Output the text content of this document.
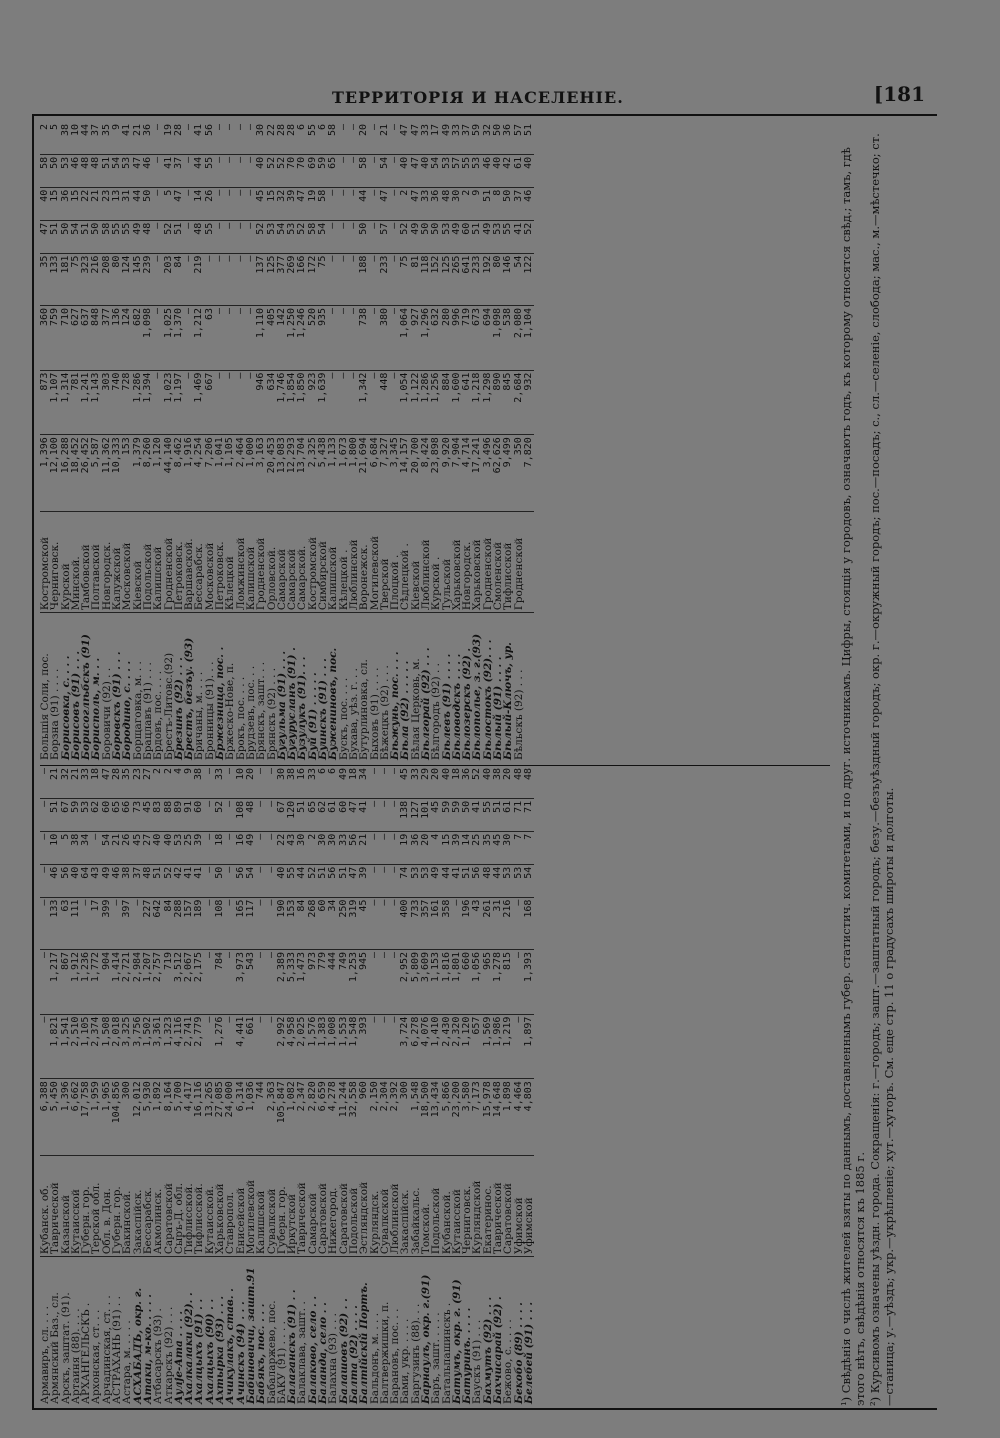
ТЕРРИТОРІЯ И НАСЕЛЕНІЕ.	[181
Армавиръ, сл. . . .	Кубанск. об.	6,388	—	—	—	—	—	—	—
Армянский Баз., сл.	Таврической	5,450	1,821	1,217	133	46	10	51	21
Арскъ, заштат. (91).	Казанской	1,396	1,541	867	63	56	5	67	32
Артаиня (88). . . .	Кутаисской	6,662	2,510	1,912	111	40	38	59	21
АРХАНГЕЛЬСКЪ .	Губерн. гор.	17,758	1,105	1,236	—	64	34	53	33
Архонская, ст. . .	Терской обл.	1,959	2,374	1,772	17	43	—	62	18
Арчадинская, ст. . .	Обл. в. Дон.	1,965	1,508	904	399	49	54	60	47
АСТРАХАНЬ (91) . .	Губерн. гор.	104,856	2,018	1,414	—	46	21	65	28
Астара, м. . . . .	Бакинской.	300	3,325	2,721	397	38	26	66	35
АСХАБАДЪ, окр. г.	Закаспійск.	12,012	3,756	2,984	—	37	45	73	23
Атаки, м-ко. . . . .	Бессарабск.	5,930	1,502	1,207	227	48	27	45	27
Атбасарскъ (93) .	Акмолинск.	1,892	3,361	2,757	642	51	40	83	2
Аткарскъ (92) . . .	Саратовской	8,164	1,323	719	84	52	40	88	2
Аулје-Ата . . . .	Сыръ-Д. обл.	5,700	4,116	3,512	288	42	53	89	4
Ахалкалаки (92). .	Тифлисской.	4,417	2,741	2,067	157	41	25	91	9
Ахалцыхъ (91) . .	Тифлисской.	16,116	2,779	2,175	189	41	39	60	38
Ахалцыхъ (90) . .	Кутаисской.	13,265	—	—	—	—	—	—	—
Ахтырка (93) . . .	Харьковской	27,085	1,276	784	108	50	18	52	33
Ачикулакъ, став. .	Ставропол.	24,000	—	—	—	—	—	—	—
Ачинскъ (94) . . .	Енисейской	6,314	4,441	3,973	165	56	16	108	10
Бабиновичи, зашт.91	Могилевской	1,036	661	543	117	54	49	48	20
Бабякъ, пос. . . .	Калишской	744	—	—	—	—	—	—	—
Бабаларжево, пос.	Сувалкской	2,363	—	—	—	—	—	—	—
БАКУ (91) . . . .	Губерн. гор.	105,847	2,992	2,389	190	40	22	67	30
Балаганскъ (91) . .	Иркутской	1,082	4,958	5,333	153	55	43	120	38
Балаклава, зашт. .	Таврической	2,347	2,025	1,473	84	44	30	51	16
Балаково, село . .	Самарской	2,820	1,576	973	268	52	2	65	33
Баланда, село . .	Саратовской	6,659	1,383	779	60	51	30	62	6
Балахна (93) . . .	Нижегород.	4,278	1,008	444	34	56	30	61	6
Балашовъ (92) . .	Саратовской	11,244	1,553	749	250	51	33	60	49
Балта (92) . . . .	Подольской	32,558	1,548	1,253	319	47	56	47	18
Балтійскій Портъ.	Эстляндской	960	393	945	45	39	21	41	34
Бальдонъ, м. . . .	Курляндск.	2,150	—	—	—	—	—	—	—
Балтвержишки, п.	Сувалкской	2,304	—	—	—	—	—	—	—
Барановъ, пос. . .	Люблинской	2,392	—	—	—	—	—	—	—
Бами, укр. . . . .	Закаспійск.	300	3,724	2,952	400	74	19	138	45
Баргузинъ (88). . .	Забайкальс.	1,548	6,278	5,809	733	53	36	127	33
Барнаулъ, окр. г.(91)	Томской.	18,500	4,076	3,609	357	53	20	101	29
Баръ, зашт. . . . .	Подольской	13,434	1,410	1,153	161	49	4	45	20
Батальпашинскъ .	Кубанской.	5,866	2,430	1,816	358	44	15	59	40
Батумъ, окр. г. (91)	Кутаисской	23,200	2,320	1,801	—	41	39	59	18
Батуринъ. . . . .	Черниговск.	3,580	1,120	660	196	51	14	50	36
Баускъ (91) . . .	Курляндской	7,173	657	1,056	43	56	25	41	52
Бахмутъ (92) . . .	Екатеринос.	15,978	1,569	965	261	48	35	55	40
Бахчисарай (92) .	Таврической	14,648	1,986	1,278	31	44	45	51	38
Бежово, с. . . . .	Саратовской	1,898	1,219	815	216	53	30	61	20
Бекобо (89) . . . .	Уфимской	4,464	—	—	—	53	7	71	48
Белебей (91) . . .	Уфимской	4,803	1,897	1,393	168	54	7	71	48
Большія Соли, пос.	Костромской	1,396	873	360	35	47	40	58	2
Борзна (91) . . . .	Черниговск.	12,100	1,107	759	133	51	15	50	5
Борисовка, с. . . .	Курской	16,288	1,314	710	181	50	36	53	38
Борисовъ (91) . . .	Минской.	18,452	781	627	75	54	15	46	10
Борисоглѣбскъ (91)	Тамбовской	26,452	1,241	637	323	51	22	48	44
Борисполь, м. . .	Полтавской	5,587	1,143	848	216	50	21	48	37
Боровичи (92) . .	Новгородск.	11,362	303	377	208	58	23	51	35
Боровскъ (91) . . .	Калужской	10,333	740	136	80	55	13	54	9
Бородино, с. . . .	Московской	153	728	124	124	55	31	53	41
Борщаговка, м. . .	Кіевской	1,379	1,286	682	145	49	44	47	21
Брацлавъ (91) . . .	Подольской	8,260	1,394	1,098	239	48	50	46	36
Брдовъ, пос. . . .	Калишской	1,120	—	—	—	—	—	—	—
Брестъ-Литовс.(92)	Гродненской	44,140	1,023	1,025	203	52	5	41	19
Брезинъ (92) . . .	Петроковск.	8,462	1,197	1,370	84	51	47	37	28
Брестъ, безъу. (93)	Варшавской.	1,916	—	—	—	—	—	—	—
Бричаны, м. . . .	Бессарабск.	4,254	1,469	1,212	219	48	14	44	41
Бронницы (91). . .	Московской	7,206	667	63	—	55	26	55	56
Бржезница, пос. .	Петроковск.	1,041	—	—	—	—	—	—	—
Бржеско-Нове, п.	Кѣлецкой	1,105	—	—	—	—	—	—	—
Брокъ, пос. . . .	Ломжинской	2,464	—	—	—	—	—	—	—
Брудзевъ, пос. . .	Калишской	1,000	—	—	—	—	—	—	—
Брянскъ, зашт. . .	Гродненской	3,163	946	1,110	137	52	45	40	30
Брянскъ (92) . . .	Орловской.	20,453	634	405	125	53	15	52	22
Бугульма (91) . . .	Самарской	13,083	1,746	142	377	54	32	52	28
Бугурусланъ (91) .	Самарской	12,293	1,854	1,250	269	53	39	70	28
Бузулукъ (91). . .	Самарской.	13,704	1,850	1,246	166	52	47	70	6
Буй (91) . . . . .	Костромской	2,325	923	520	172	58	19	69	55
Буинскъ (91) . . .	Симбирской	5,438	1,639	935	75	54	58	59	6
Бужениновъ, пос.	Калишской	1,133	—	—	—	—	—	65	58
Бускъ, пос. . . .	Кѣлецкой .	1,673	—	—	—	—	—	—	—
Бухава, уѣз. г. . .	Люблинской	1,800	—	—	—	—	—	—	—
Бутурлиновка, сл.	Воронежск.	21,694	1,342	738	188	50	44	58	20
Быховъ (91) . . . .	Могилевской	6,684	—	—	—	—	—	—	—
Бѣжецкъ (92) . . .	Тверской	7,327	448	380	233	57	47	54	21
Бѣжунь, пос. . . .	Плоцкой .	3,345	—	—	—	—	—	—	—
Бѣла (92) . . . . .	Сѣдлецкой .	14,157	1,054	1,064	75	52	2	40	47
Бѣлая Церковь, м.	Кіевской	20,700	1,122	927	81	49	47	47	47
Бѣлгорай (92) . . .	Люблинской	8,424	1,286	1,296	118	50	33	40	33
Бѣлгородъ (92) . .	Курской .	23,898	1,256	632	152	50	36	54	17
Бѣлевъ (91) . . . .	Тульской	9,920	884	280	125	53	48	53	49
Бѣловодскъ . . . .	Харьковской	7,904	1,600	996	265	49	30	57	33
Бѣлозерскъ (92) .	Новгородск.	4,714	641	719	641	60	2	55	37
Бѣлополье, з. г.(93)	Харьковской	17,241	1,218	673	233	51	9	53	59
Бѣлостокъ (92). . .	Гродненской	3,496	1,298	694	192	49	51	46	32
Бѣлый (91) . . . .	Смоленской	62,626	890	1,098	80	53	8	40	50
Бѣлый-Ключъ, ур.	Тифлисской	9,499	845	538	146	55	50	42	36
Бѣльскъ (92) . . .	Гродненской	350	2,684	2,080	54	41	37	61	57
		7,820	932	1,104	122	52	46	40	51

¹) Свѣдѣнія о числѣ жителей взяты по даннымъ, доставленнымъ губер. статистич. комитетами, и по друг. источникамъ. Цифры, стоящія у городовъ, означаютъ годъ, къ которому относятся свѣд.; тамъ, гдѣ этого нѣтъ, свѣдѣнія относятся къ 1885 г. ²) Курсивомъ означены уѣздн. города. Сокращенія: г.—городъ; зашт.—заштатный городъ; безу.—безъуѣздный городъ; окр. г.—окружный городъ; пос.—посадъ; с., сл.—селеніе, слобода; мас., м.—мѣстечко; ст.—станица; у.—уѣздъ; укр.—укрѣпленіе; хут.—хуторъ. См. еще стр. 11 о градусахъ широты и долготы.
